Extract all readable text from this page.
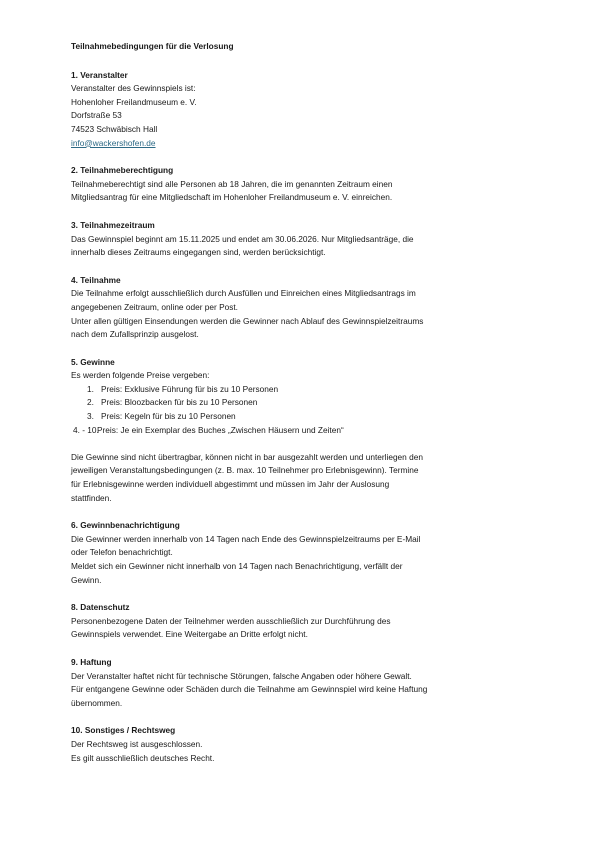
Teilnahmebedingungen für die Verlosung
1. Veranstalter
Veranstalter des Gewinnspiels ist:
Hohenloher Freilandmuseum e. V.
Dorfstraße 53
74523 Schwäbisch Hall
info@wackershofen.de
2. Teilnahmeberechtigung
Teilnahmeberechtigt sind alle Personen ab 18 Jahren, die im genannten Zeitraum einen
Mitgliedsantrag für eine Mitgliedschaft im Hohenloher Freilandmuseum e. V. einreichen.
3. Teilnahmezeitraum
Das Gewinnspiel beginnt am 15.11.2025 und endet am 30.06.2026. Nur Mitgliedsanträge, die
innerhalb dieses Zeitraums eingegangen sind, werden berücksichtigt.
4. Teilnahme
Die Teilnahme erfolgt ausschließlich durch Ausfüllen und Einreichen eines Mitgliedsantrags im
angegebenen Zeitraum, online oder per Post.
Unter allen gültigen Einsendungen werden die Gewinner nach Ablauf des Gewinnspielzeitraums
nach dem Zufallsprinzip ausgelost.
5. Gewinne
Es werden folgende Preise vergeben:
1. Preis: Exklusive Führung für bis zu 10 Personen
2. Preis: Bloozbacken für bis zu 10 Personen
3. Preis: Kegeln für bis zu 10 Personen
4. - 10.
Preis: Je ein Exemplar des Buches „Zwischen Häusern und Zeiten“
Die Gewinne sind nicht übertragbar, können nicht in bar ausgezahlt werden und unterliegen den
jeweiligen Veranstaltungsbedingungen (z. B. max. 10 Teilnehmer pro Erlebnisgewinn). Termine
für Erlebnisgewinne werden individuell abgestimmt und müssen im Jahr der Auslosung
stattfinden.
6. Gewinnbenachrichtigung
Die Gewinner werden innerhalb von 14 Tagen nach Ende des Gewinnspielzeitraums per E-Mail
oder Telefon benachrichtigt.
Meldet sich ein Gewinner nicht innerhalb von 14 Tagen nach Benachrichtigung, verfällt der
Gewinn.
8. Datenschutz
Personenbezogene Daten der Teilnehmer werden ausschließlich zur Durchführung des
Gewinnspiels verwendet. Eine Weitergabe an Dritte erfolgt nicht.
9. Haftung
Der Veranstalter haftet nicht für technische Störungen, falsche Angaben oder höhere Gewalt.
Für entgangene Gewinne oder Schäden durch die Teilnahme am Gewinnspiel wird keine Haftung
übernommen.
10. Sonstiges / Rechtsweg
Der Rechtsweg ist ausgeschlossen.
Es gilt ausschließlich deutsches Recht.
